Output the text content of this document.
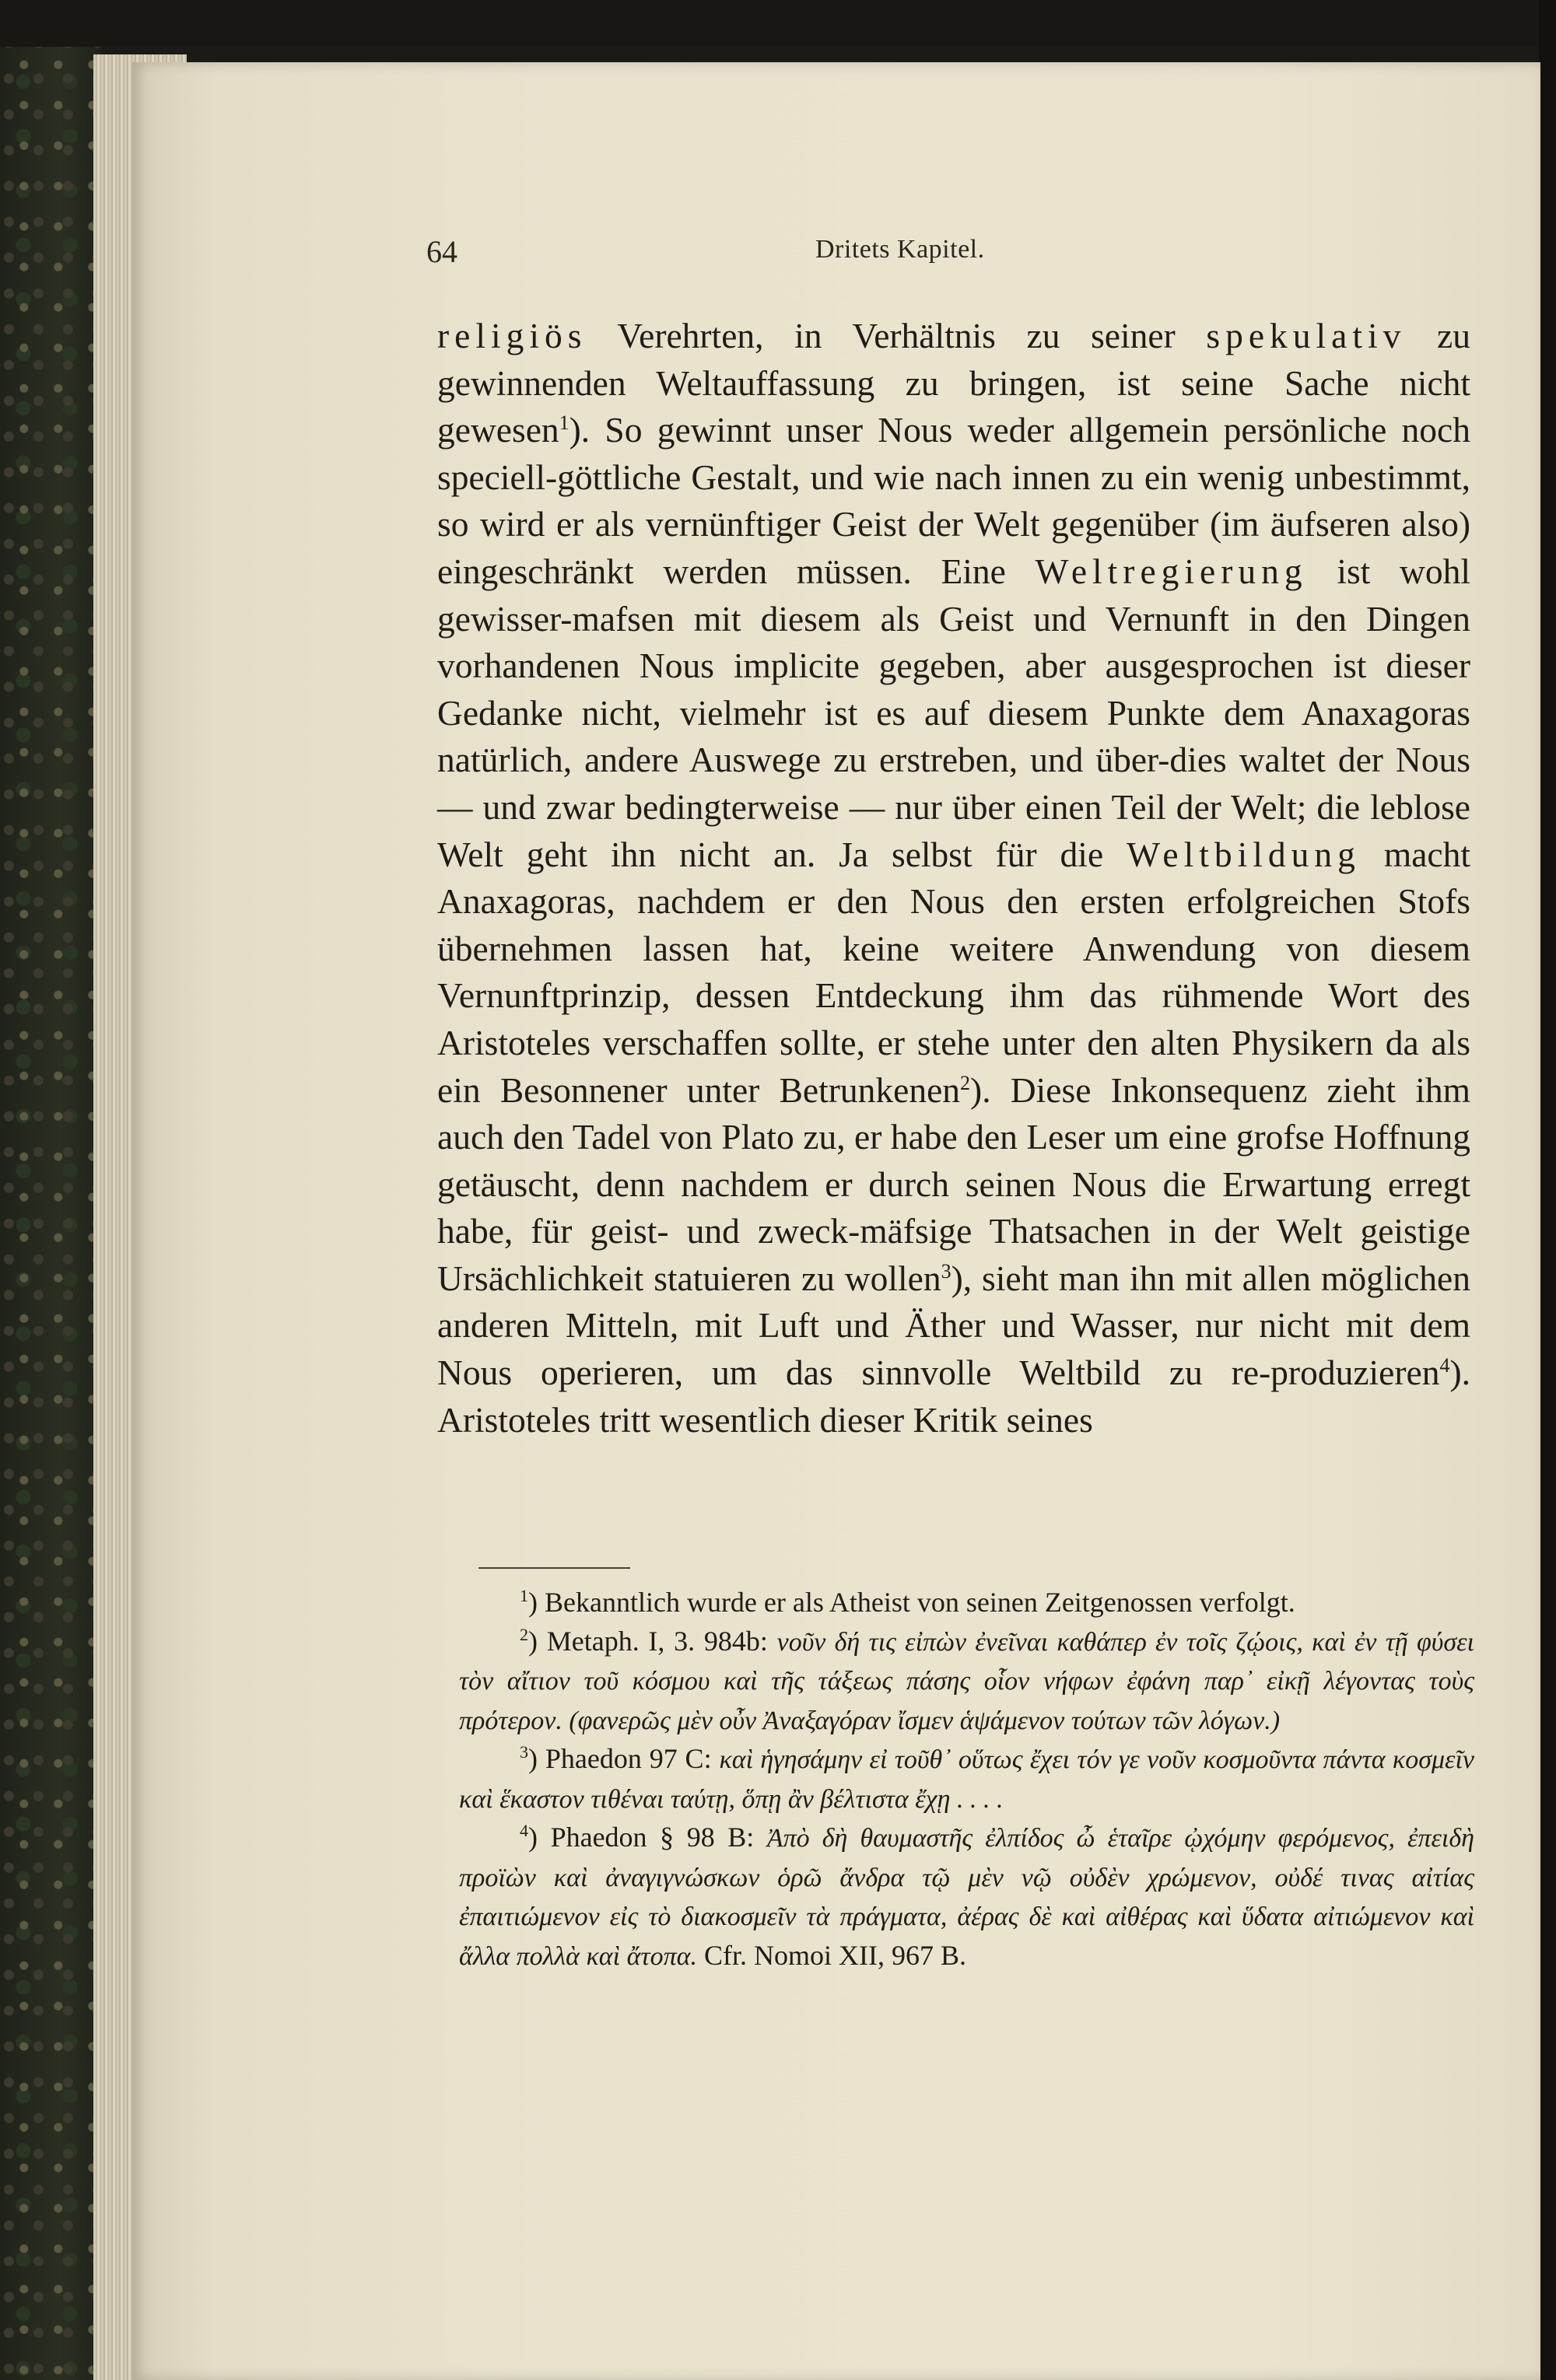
64	Dritets Kapitel.

religiös Verehrten, in Verhältnis zu seiner spekulativ zu gewinnenden Weltauffassung zu bringen, ist seine Sache nicht gewesen$^1$). So gewinnt unser Nous weder allgemein persönliche noch speciell-göttliche Gestalt, und wie nach innen zu ein wenig unbestimmt, so wird er als vernünftiger Geist der Welt gegenüber (im äufseren also) eingeschränkt werden müssen. Eine Weltregierung ist wohl gewisser-mafsen mit diesem als Geist und Vernunft in den Dingen vorhandenen Nous implicite gegeben, aber ausgesprochen ist dieser Gedanke nicht, vielmehr ist es auf diesem Punkte dem Anaxagoras natürlich, andere Auswege zu erstreben, und über-dies waltet der Nous — und zwar bedingterweise — nur über einen Teil der Welt; die leblose Welt geht ihn nicht an. Ja selbst für die Weltbildung macht Anaxagoras, nachdem er den Nous den ersten erfolgreichen Stofs übernehmen lassen hat, keine weitere Anwendung von diesem Vernunftprinzip, dessen Entdeckung ihm das rühmende Wort des Aristoteles verschaffen sollte, er stehe unter den alten Physikern da als ein Besonnener unter Betrunkenen$^2$). Diese Inkonsequenz zieht ihm auch den Tadel von Plato zu, er habe den Leser um eine grofse Hoffnung getäuscht, denn nachdem er durch seinen Nous die Erwartung erregt habe, für geist- und zweck-mäfsige Thatsachen in der Welt geistige Ursächlichkeit statuieren zu wollen$^3$), sieht man ihn mit allen möglichen anderen Mitteln, mit Luft und Äther und Wasser, nur nicht mit dem Nous operieren, um das sinnvolle Weltbild zu re-produzieren$^4$). Aristoteles tritt wesentlich dieser Kritik seines

$^1$) Bekanntlich wurde er als Atheist von seinen Zeitgenossen verfolgt.

$^2$) Metaph. I, 3. 984b: νοῦν δή τις εἰπὼν ἐνεῖναι καθάπερ ἐν τοῖς ζῴοις, καὶ ἐν τῇ φύσει τὸν αἴτιον τοῦ κόσμου καὶ τῆς τάξεως πάσης οἷον νήφων ἐφάνη παρ᾽ εἰκῇ λέγοντας τοὺς πρότερον. (φανερῶς μὲν οὖν Ἀναξαγόραν ἴσμεν ἁψάμενον τούτων τῶν λόγων.)

$^3$) Phaedon 97 C: καὶ ἡγησάμην εἰ τοῦθ᾽ οὕτως ἔχει τόν γε νοῦν κοσμοῦντα πάντα κοσμεῖν καὶ ἕκαστον τιθέναι ταύτῃ, ὅπῃ ἂν βέλτιστα ἔχῃ . . . .

$^4$) Phaedon § 98 B: Ἀπὸ δὴ θαυμαστῆς ἐλπίδος ὦ ἑταῖρε ᾠχόμην φερόμενος, ἐπειδὴ προϊὼν καὶ ἀναγιγνώσκων ὁρῶ ἄνδρα τῷ μὲν νῷ οὐδὲν χρώμενον, οὐδέ τινας αἰτίας ἐπαιτιώμενον εἰς τὸ διακοσμεῖν τὰ πράγματα, ἀέρας δὲ καὶ αἰθέρας καὶ ὕδατα αἰτιώμενον καὶ ἄλλα πολλὰ καὶ ἄτοπα. Cfr. Nomoi XII, 967 B.
